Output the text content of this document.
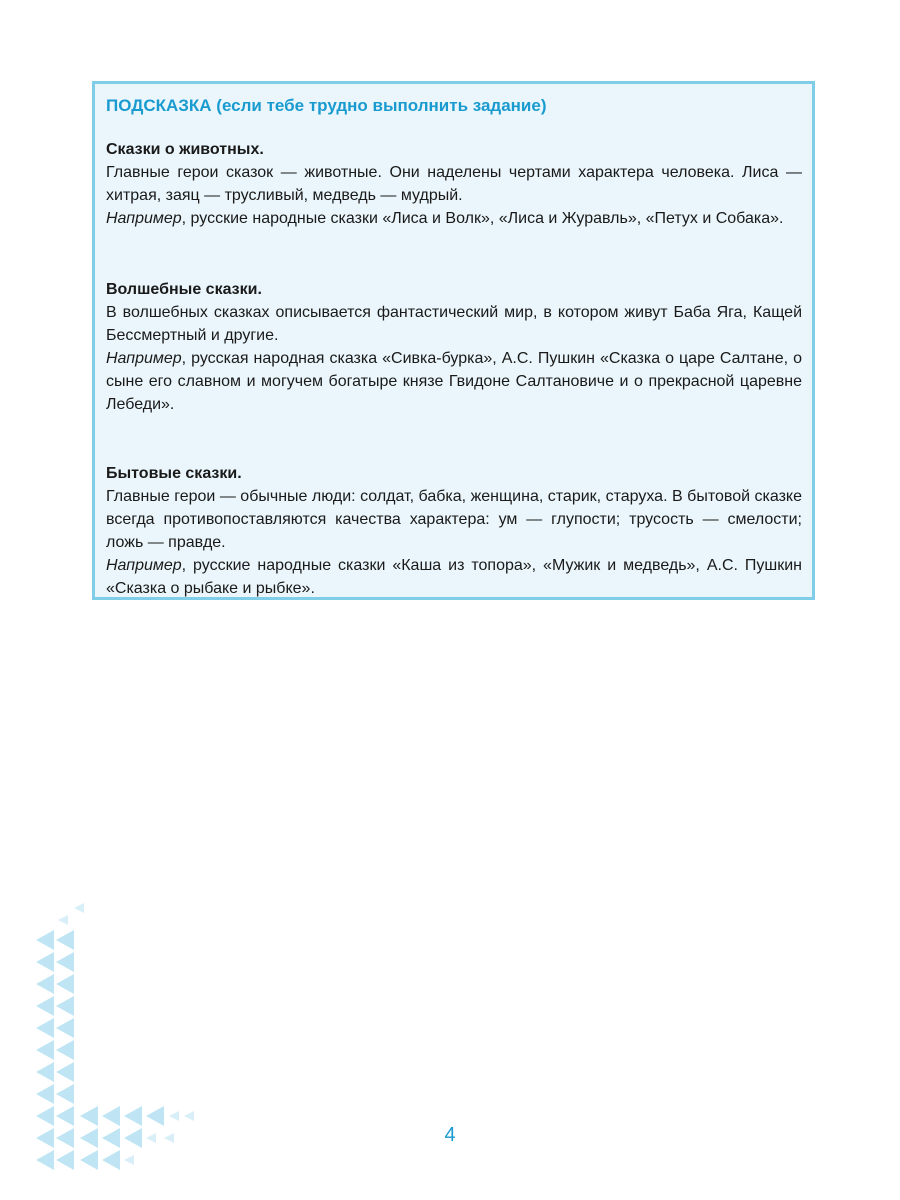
ПОДСКАЗКА (если тебе трудно выполнить задание)

Сказки о животных.

Главные герои сказок — животные. Они наделены чертами характера человека. Лиса — хитрая, заяц — трусливый, медведь — мудрый.

Например, русские народные сказки «Лиса и Волк», «Лиса и Журавль», «Петух и Собака».

Волшебные сказки.

В волшебных сказках описывается фантастический мир, в котором живут Баба Яга, Кащей Бессмертный и другие.

Например, русская народная сказка «Сивка-бурка», А.С. Пушкин «Сказка о царе Салтане, о сыне его славном и могучем богатыре князе Гвидоне Салтановиче и о прекрасной царевне Лебеди».

Бытовые сказки.

Главные герои — обычные люди: солдат, бабка, женщина, старик, старуха. В бытовой сказке всегда противопоставляются качества характера: ум — глупости; трусость — смелости; ложь — правде.

Например, русские народные сказки «Каша из топора», «Мужик и медведь», А.С. Пушкин «Сказка о рыбаке и рыбке».

4
